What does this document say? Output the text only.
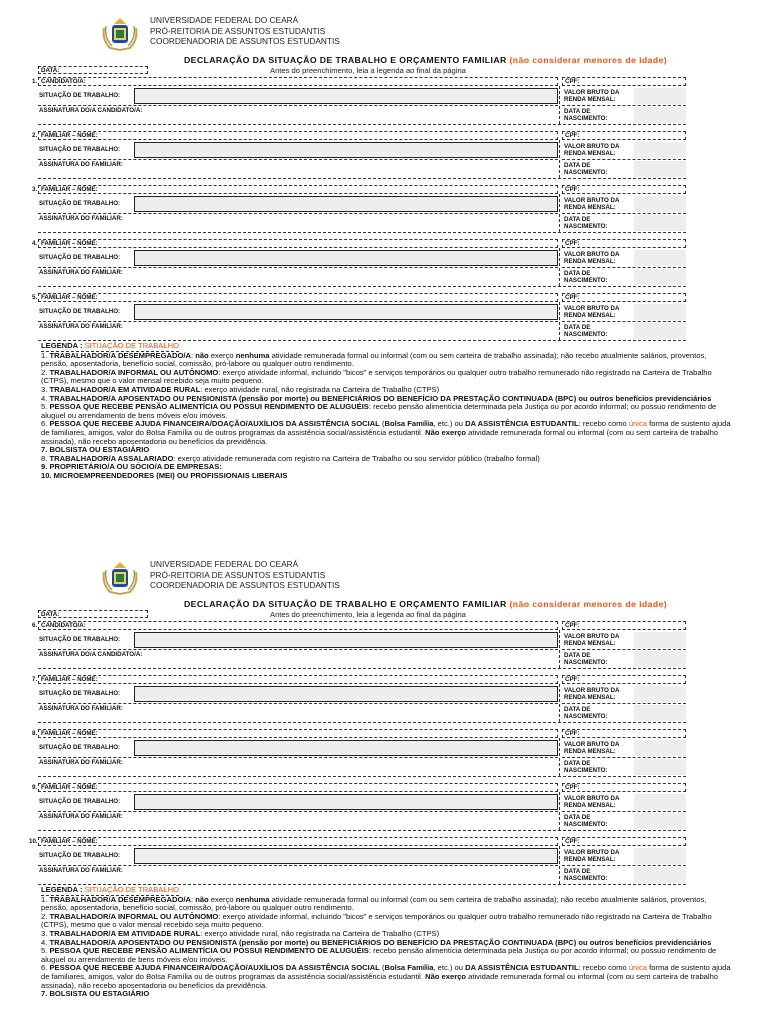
UNIVERSIDADE FEDERAL DO CEARÁ
PRÓ-REITORIA DE ASSUNTOS ESTUDANTIS
COORDENADORIA DE ASSUNTOS ESTUDANTIS
DECLARAÇÃO DA SITUAÇÃO DE TRABALHO E ORÇAMENTO FAMILIAR (não considerar menores de idade)
DATA:	Antes do preenchimento, leia a legenda ao final da página
1. CANDIDATO/A:	CPF:
SITUAÇÃO DE TRABALHO:	VALOR BRUTO DA
RENDA MENSAL:
ASSINATURA DO/A CANDIDATO/A:	DATA DE
NASCIMENTO:
2. FAMILIAR – NOME:	CPF:
SITUAÇÃO DE TRABALHO:	VALOR BRUTO DA
RENDA MENSAL:
ASSINATURA DO FAMILIAR:	DATA DE
NASCIMENTO:
3. FAMILIAR – NOME:	CPF:
SITUAÇÃO DE TRABALHO:	VALOR BRUTO DA
RENDA MENSAL:
ASSINATURA DO FAMILIAR:	DATA DE
NASCIMENTO:
4. FAMILIAR – NOME:	CPF:
SITUAÇÃO DE TRABALHO:	VALOR BRUTO DA
RENDA MENSAL:
ASSINATURA DO FAMILIAR:	DATA DE
NASCIMENTO:
5. FAMILIAR – NOME:	CPF:
SITUAÇÃO DE TRABALHO:	VALOR BRUTO DA
RENDA MENSAL:
ASSINATURA DO FAMILIAR:	DATA DE
NASCIMENTO:
LEGENDA : SITUAÇÃO DE TRABALHO
1. TRABALHADOR/A DESEMPREGADO/A: não exerço nenhuma atividade remunerada formal ou informal (com ou sem carteira de trabalho assinada); não recebo atualmente salários, proventos, pensão, aposentadoria, benefício social, comissão, pró-labore ou qualquer outro rendimento.
2. TRABALHADOR/A INFORMAL OU AUTÔNOMO: exerço atividade informal, incluindo "bicos" e serviços temporários ou qualquer outro trabalho remunerado não registrado na Carteira de Trabalho (CTPS), mesmo que o valor mensal recebido seja muito pequeno.
3. TRABALHADOR/A EM ATIVIDADE RURAL: exerço atividade rural, não registrada na Carteira de Trabalho (CTPS)
4. TRABALHADOR/A APOSENTADO OU PENSIONISTA (pensão por morte) ou BENEFICIÁRIOS DO BENEFÍCIO DA PRESTAÇÃO CONTINUADA (BPC) ou outros benefícios previdenciários
5. PESSOA QUE RECEBE PENSÃO ALIMENTÍCIA OU POSSUI RENDIMENTO DE ALUGUÉIS: recebo pensão alimentícia determinada pela Justiça ou por acordo informal; ou possuo rendimento de aluguel ou arrendamento de bens móveis e/ou imóveis.
6. PESSOA QUE RECEBE AJUDA FINANCEIRA/DOAÇÃO/AUXÍLIOS DA ASSISTÊNCIA SOCIAL (Bolsa Família, etc.) ou DA ASSISTÊNCIA ESTUDANTIL: recebo como única forma de sustento ajuda de familiares, amigos, valor do Bolsa Família ou de outros programas da assistência social/assistência estudantil. Não exerço atividade remunerada formal ou informal (com ou sem carteira de trabalho assinada), não recebo aposentadoria ou benefícios da previdência.
7. BOLSISTA OU ESTAGIÁRIO
8. TRABALHADOR/A ASSALARIADO: exerço atividade remunerada com registro na Carteira de Trabalho ou sou servidor público (trabalho formal)
9. PROPRIETÁRIO/A OU SÓCIO/A DE EMPRESAS:
10. MICROEMPREENDEDORES (MEI) OU PROFISSIONAIS LIBERAIS
UNIVERSIDADE FEDERAL DO CEARÁ
PRÓ-REITORIA DE ASSUNTOS ESTUDANTIS
COORDENADORIA DE ASSUNTOS ESTUDANTIS
DECLARAÇÃO DA SITUAÇÃO DE TRABALHO E ORÇAMENTO FAMILIAR (não considerar menores de idade)
DATA:	Antes do preenchimento, leia a legenda ao final da página
6. CANDIDATO/A:	CPF:
SITUAÇÃO DE TRABALHO:	VALOR BRUTO DA
RENDA MENSAL:
ASSINATURA DO/A CANDIDATO/A:	DATA DE
NASCIMENTO:
7. FAMILIAR – NOME:	CPF:
SITUAÇÃO DE TRABALHO:	VALOR BRUTO DA
RENDA MENSAL:
ASSINATURA DO FAMILIAR:	DATA DE
NASCIMENTO:
8. FAMILIAR – NOME:	CPF:
SITUAÇÃO DE TRABALHO:	VALOR BRUTO DA
RENDA MENSAL:
ASSINATURA DO FAMILIAR:	DATA DE
NASCIMENTO:
9. FAMILIAR – NOME:	CPF:
SITUAÇÃO DE TRABALHO:	VALOR BRUTO DA
RENDA MENSAL:
ASSINATURA DO FAMILIAR:	DATA DE
NASCIMENTO:
10. FAMILIAR – NOME:	CPF:
SITUAÇÃO DE TRABALHO:	VALOR BRUTO DA
RENDA MENSAL:
ASSINATURA DO FAMILIAR:	DATA DE
NASCIMENTO:
LEGENDA : SITUAÇÃO DE TRABALHO
1. TRABALHADOR/A DESEMPREGADO/A: não exerço nenhuma atividade remunerada formal ou informal (com ou sem carteira de trabalho assinada); não recebo atualmente salários, proventos, pensão, aposentadoria, benefício social, comissão, pró-labore ou qualquer outro rendimento.
2. TRABALHADOR/A INFORMAL OU AUTÔNOMO: exerço atividade informal, incluindo "bicos" e serviços temporários ou qualquer outro trabalho remunerado não registrado na Carteira de Trabalho (CTPS), mesmo que o valor mensal recebido seja muito pequeno.
3. TRABALHADOR/A EM ATIVIDADE RURAL: exerço atividade rural, não registrada na Carteira de Trabalho (CTPS)
4. TRABALHADOR/A APOSENTADO OU PENSIONISTA (pensão por morte) ou BENEFICIÁRIOS DO BENEFÍCIO DA PRESTAÇÃO CONTINUADA (BPC) ou outros benefícios previdenciários
5. PESSOA QUE RECEBE PENSÃO ALIMENTÍCIA OU POSSUI RENDIMENTO DE ALUGUÉIS: recebo pensão alimentícia determinada pela Justiça ou por acordo informal; ou possuo rendimento de aluguel ou arrendamento de bens móveis e/ou imóveis.
6. PESSOA QUE RECEBE AJUDA FINANCEIRA/DOAÇÃO/AUXÍLIOS DA ASSISTÊNCIA SOCIAL (Bolsa Família, etc.) ou DA ASSISTÊNCIA ESTUDANTIL: recebo como única forma de sustento ajuda de familiares, amigos, valor do Bolsa Família ou de outros programas da assistência social/assistência estudantil. Não exerço atividade remunerada formal ou informal (com ou sem carteira de trabalho assinada), não recebo aposentadoria ou benefícios da previdência.
7. BOLSISTA OU ESTAGIÁRIO
